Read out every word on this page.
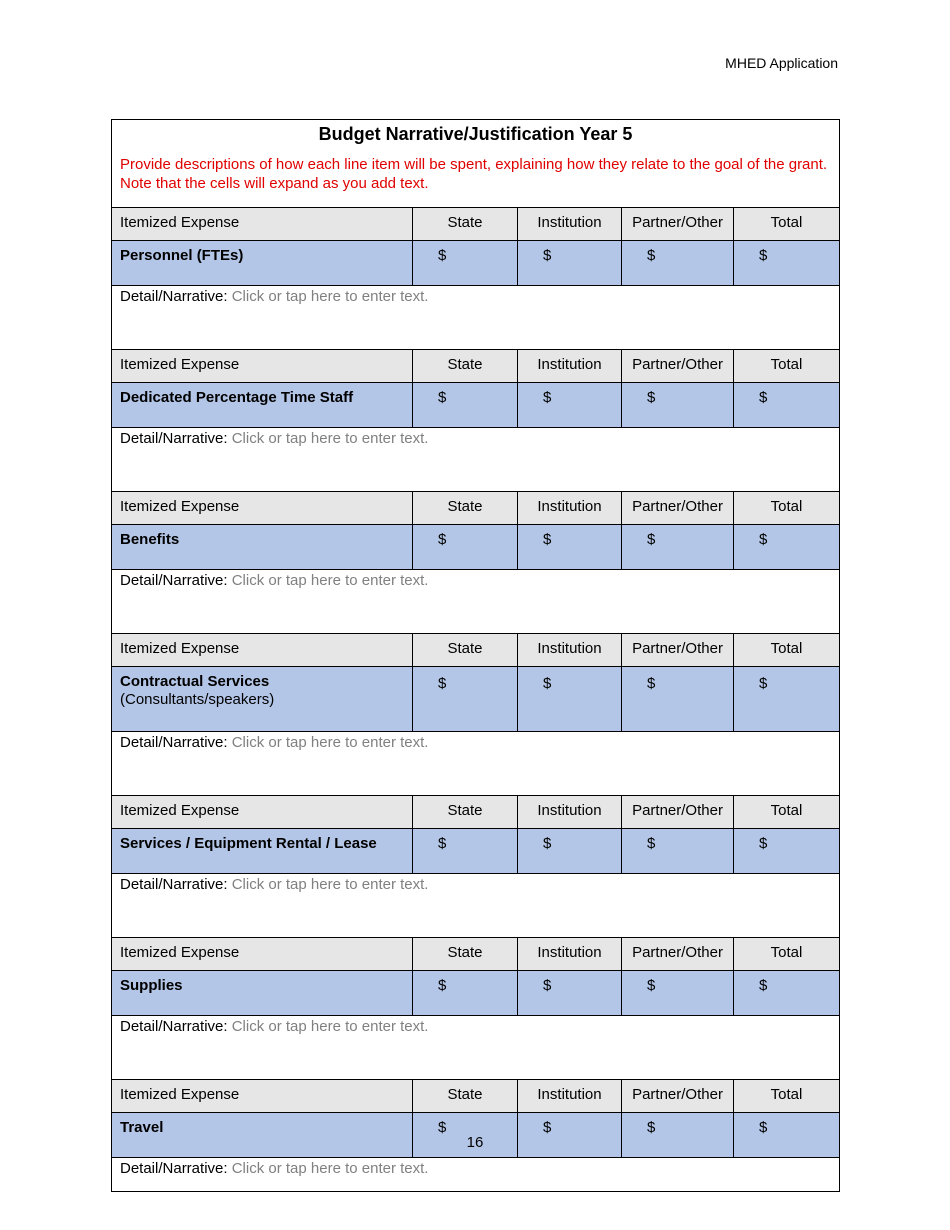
MHED Application
Budget Narrative/Justification Year 5
Provide descriptions of how each line item will be spent, explaining how they relate to the goal of the grant. Note that the cells will expand as you add text.				

Itemized Expense	State	Institution	Partner/Other	Total
Personnel (FTEs)	$	$	$	$
Detail/Narrative: Click or tap here to enter text.				
Itemized Expense	State	Institution	Partner/Other	Total
Dedicated Percentage Time Staff	$	$	$	$
Detail/Narrative: Click or tap here to enter text.				
Itemized Expense	State	Institution	Partner/Other	Total
Benefits	$	$	$	$
Detail/Narrative: Click or tap here to enter text.				
Itemized Expense	State	Institution	Partner/Other	Total
Contractual Services
(Consultants/speakers)	$	$	$	$
Detail/Narrative: Click or tap here to enter text.				
Itemized Expense	State	Institution	Partner/Other	Total
Services / Equipment Rental / Lease	$	$	$	$
Detail/Narrative: Click or tap here to enter text.				
Itemized Expense	State	Institution	Partner/Other	Total
Supplies	$	$	$	$
Detail/Narrative: Click or tap here to enter text.				
Itemized Expense	State	Institution	Partner/Other	Total
Travel	$	$	$	$
Detail/Narrative: Click or tap here to enter text.				
16
